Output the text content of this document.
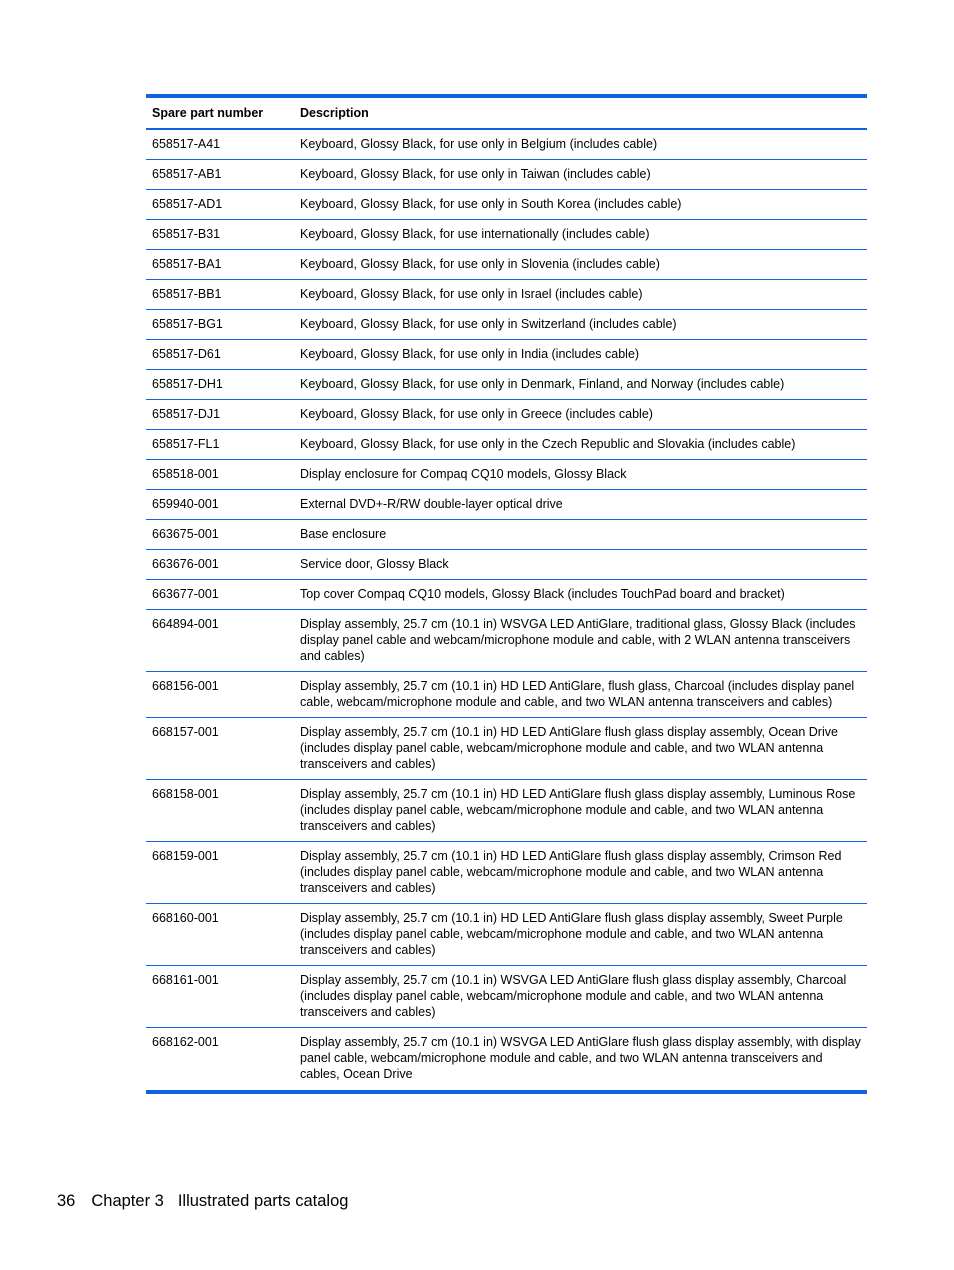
Spare part number	Description
658517-A41	Keyboard, Glossy Black, for use only in Belgium (includes cable)
658517-AB1	Keyboard, Glossy Black, for use only in Taiwan (includes cable)
658517-AD1	Keyboard, Glossy Black, for use only in South Korea (includes cable)
658517-B31	Keyboard, Glossy Black, for use internationally (includes cable)
658517-BA1	Keyboard, Glossy Black, for use only in Slovenia (includes cable)
658517-BB1	Keyboard, Glossy Black, for use only in Israel (includes cable)
658517-BG1	Keyboard, Glossy Black, for use only in Switzerland (includes cable)
658517-D61	Keyboard, Glossy Black, for use only in India (includes cable)
658517-DH1	Keyboard, Glossy Black, for use only in Denmark, Finland, and Norway (includes cable)
658517-DJ1	Keyboard, Glossy Black, for use only in Greece (includes cable)
658517-FL1	Keyboard, Glossy Black, for use only in the Czech Republic and Slovakia (includes cable)
658518-001	Display enclosure for Compaq CQ10 models, Glossy Black
659940-001	External DVD+-R/RW double-layer optical drive
663675-001	Base enclosure
663676-001	Service door, Glossy Black
663677-001	Top cover Compaq CQ10 models, Glossy Black (includes TouchPad board and bracket)
664894-001	Display assembly, 25.7 cm (10.1 in) WSVGA LED AntiGlare, traditional glass, Glossy Black (includes display panel cable and webcam/microphone module and cable, with 2 WLAN antenna transceivers and cables)
668156-001	Display assembly, 25.7 cm (10.1 in) HD LED AntiGlare, flush glass, Charcoal (includes display panel cable, webcam/microphone module and cable, and two WLAN antenna transceivers and cables)
668157-001	Display assembly, 25.7 cm (10.1 in) HD LED AntiGlare flush glass display assembly, Ocean Drive (includes display panel cable, webcam/microphone module and cable, and two WLAN antenna transceivers and cables)
668158-001	Display assembly, 25.7 cm (10.1 in) HD LED AntiGlare flush glass display assembly, Luminous Rose (includes display panel cable, webcam/microphone module and cable, and two WLAN antenna transceivers and cables)
668159-001	Display assembly, 25.7 cm (10.1 in) HD LED AntiGlare flush glass display assembly, Crimson Red (includes display panel cable, webcam/microphone module and cable, and two WLAN antenna transceivers and cables)
668160-001	Display assembly, 25.7 cm (10.1 in) HD LED AntiGlare flush glass display assembly, Sweet Purple (includes display panel cable, webcam/microphone module and cable, and two WLAN antenna transceivers and cables)
668161-001	Display assembly, 25.7 cm (10.1 in) WSVGA LED AntiGlare flush glass display assembly, Charcoal (includes display panel cable, webcam/microphone module and cable, and two WLAN antenna transceivers and cables)
668162-001	Display assembly, 25.7 cm (10.1 in) WSVGA LED AntiGlare flush glass display assembly, with display panel cable, webcam/microphone module and cable, and two WLAN antenna transceivers and cables, Ocean Drive
36 Chapter 3 Illustrated parts catalog
